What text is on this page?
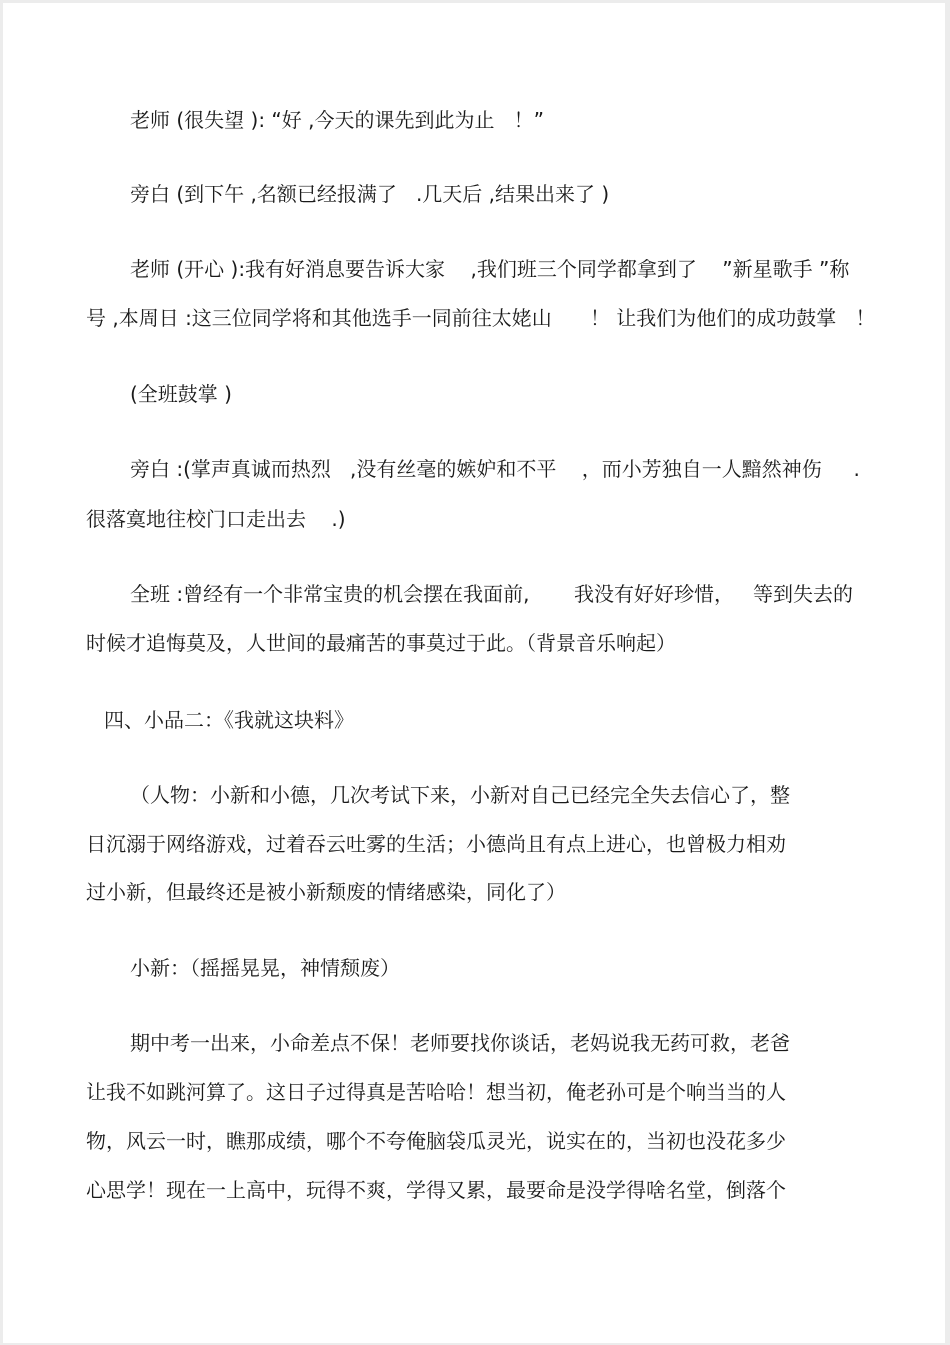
老师 (很失望 ): “好 ,今天的课先到此为止   ！”
旁白 (到下午 ,名额已经报满了   .几天后 ,结果出来了 )
老师 (开心 ):我有好消息要告诉大家    ,我们班三个同学都拿到了    ”新星歌手 ”称
号 ,本周日 :这三位同学将和其他选手一同前往太姥山      ！ 让我们为他们的成功鼓掌   ！
(全班鼓掌 )
旁白 :(掌声真诚而热烈   ,没有丝毫的嫉妒和不平    ，而小芳独自一人黯然神伤     .
很落寞地往校门口走出去    .)
全班 :曾经有一个非常宝贵的机会摆在我面前,       我没有好好珍惜，   等到失去的
时候才追悔莫及，人世间的最痛苦的事莫过于此。（背景音乐响起）
四、小品二：《我就这块料》
（人物：小新和小德，几次考试下来，小新对自己已经完全失去信心了，整
日沉溺于网络游戏，过着吞云吐雾的生活；小德尚且有点上进心，也曾极力相劝
过小新，但最终还是被小新颓废的情绪感染，同化了）
小新：（摇摇晃晃，神情颓废）
期中考一出来，小命差点不保！老师要找你谈话，老妈说我无药可救，老爸
让我不如跳河算了。这日子过得真是苦哈哈！想当初，俺老孙可是个响当当的人
物，风云一时，瞧那成绩，哪个不夸俺脑袋瓜灵光，说实在的，当初也没花多少
心思学！现在一上高中，玩得不爽，学得又累，最要命是没学得啥名堂，倒落个
